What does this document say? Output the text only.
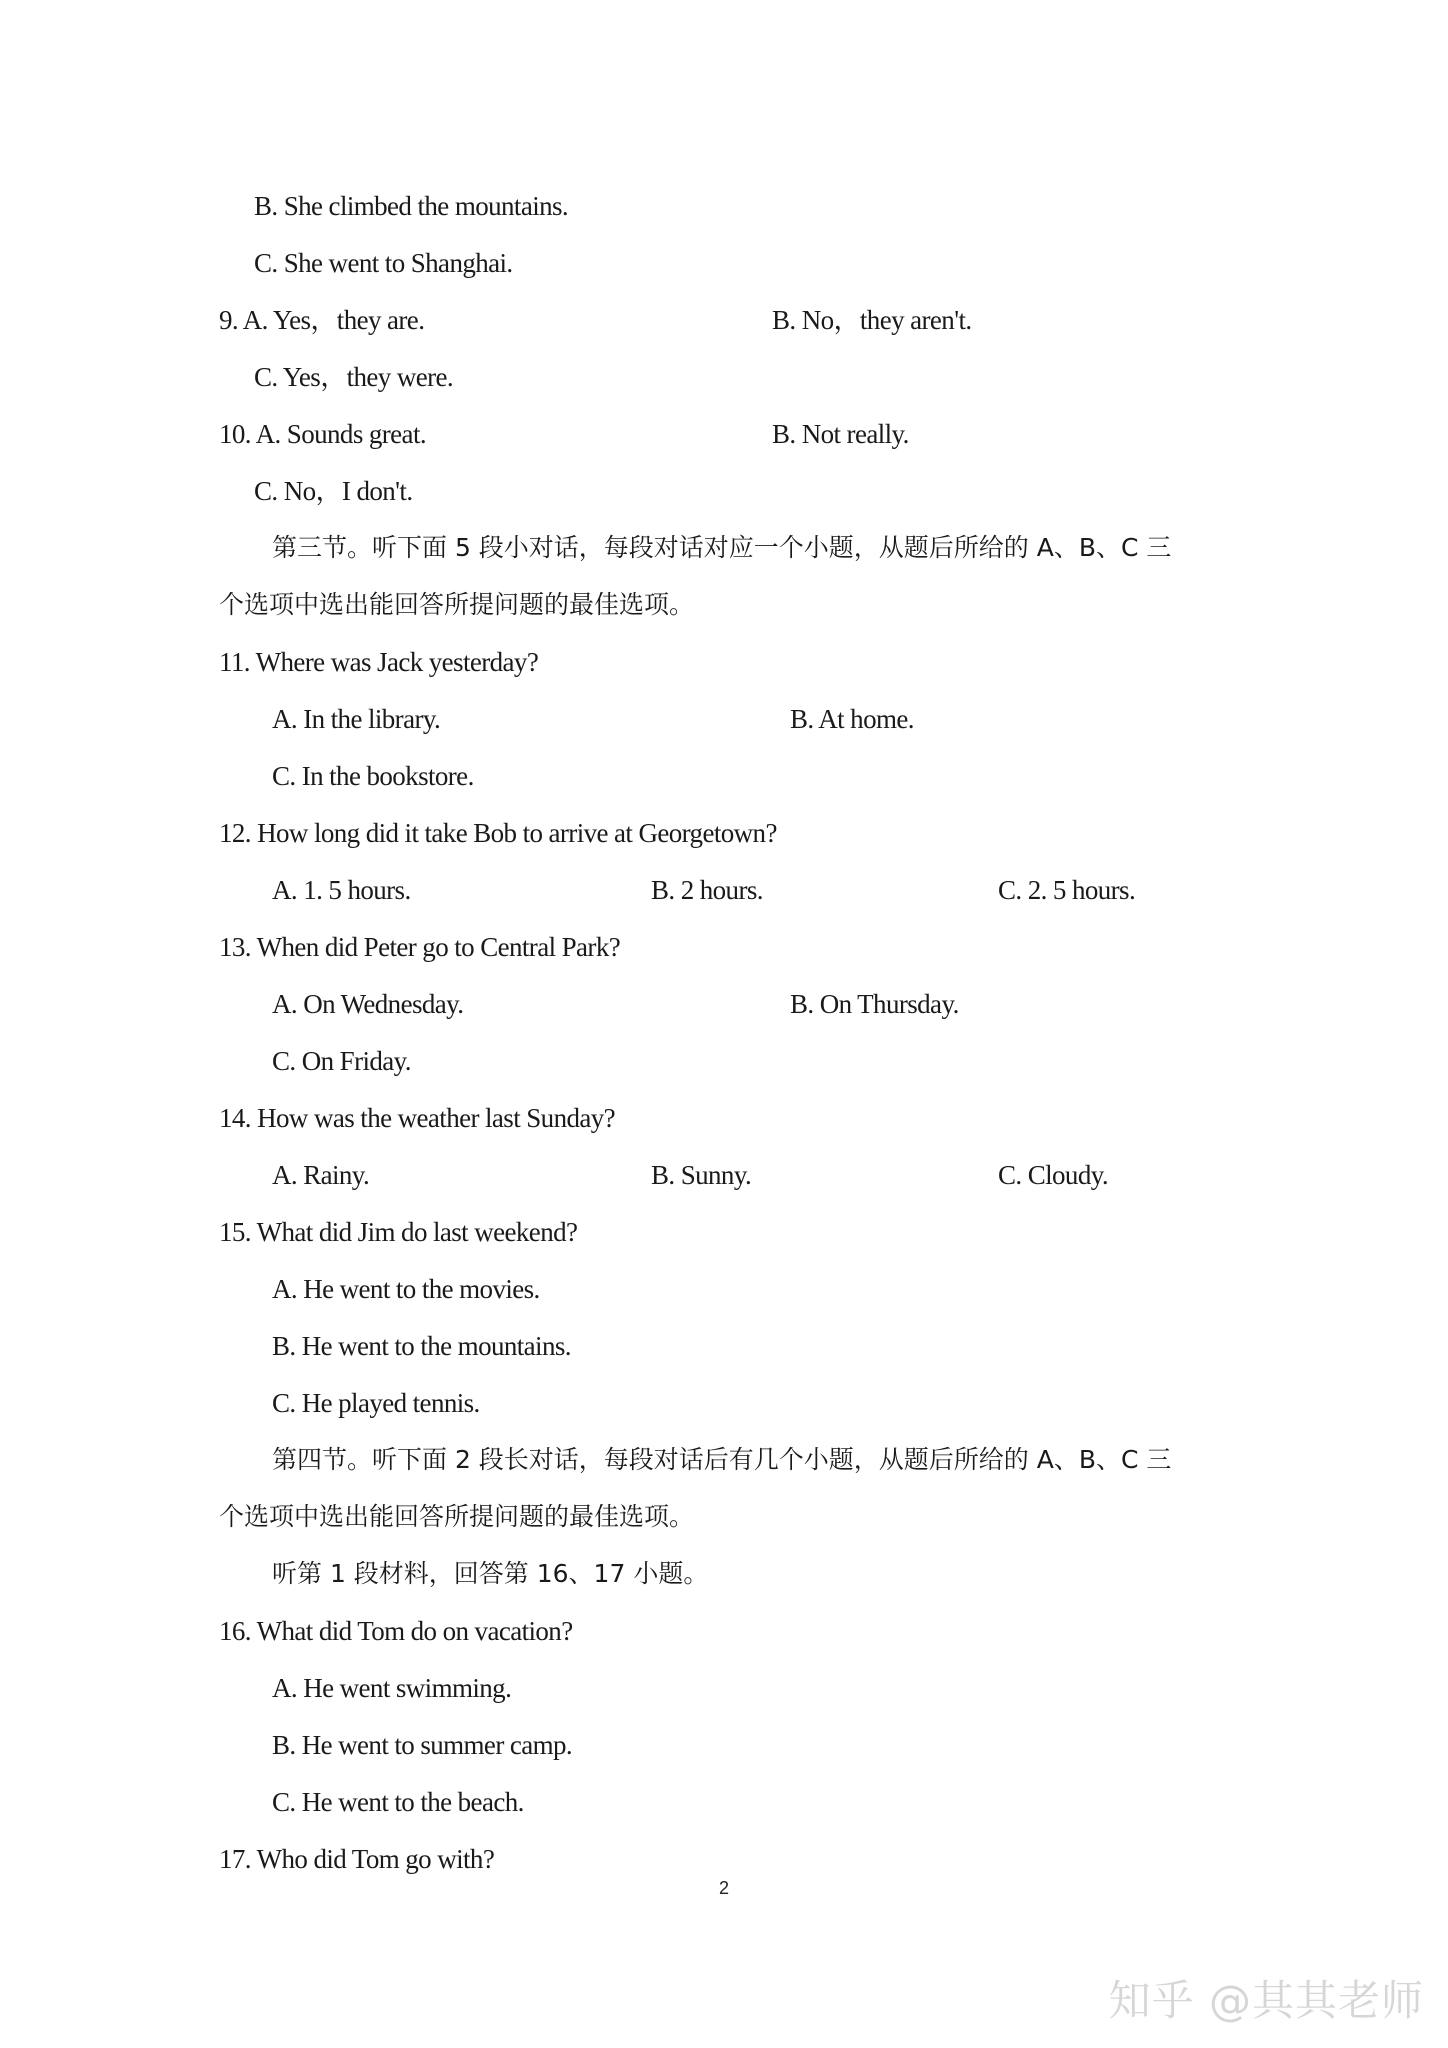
B. She climbed the mountains.
C. She went to Shanghai.
9. A. Yes，they are.	B. No，they aren't.
C. Yes，they were.
10. A. Sounds great.	B. Not really.
C. No，I don't.
第三节。听下面 5 段小对话，每段对话对应一个小题，从题后所给的 A、B、C 三
个选项中选出能回答所提问题的最佳选项。
11. Where was Jack yesterday?
A. In the library.	B. At home.
C. In the bookstore.
12. How long did it take Bob to arrive at Georgetown?
A. 1. 5 hours.	B. 2 hours.	C. 2. 5 hours.
13. When did Peter go to Central Park?
A. On Wednesday.	B. On Thursday.
C. On Friday.
14. How was the weather last Sunday?
A. Rainy.	B. Sunny.	C. Cloudy.
15. What did Jim do last weekend?
A. He went to the movies.
B. He went to the mountains.
C. He played tennis.
第四节。听下面 2 段长对话，每段对话后有几个小题，从题后所给的 A、B、C 三
个选项中选出能回答所提问题的最佳选项。
听第 1 段材料，回答第 16、17 小题。
16. What did Tom do on vacation?
A. He went swimming.
B. He went to summer camp.
C. He went to the beach.
17. Who did Tom go with?
2
知乎 @其其老师
